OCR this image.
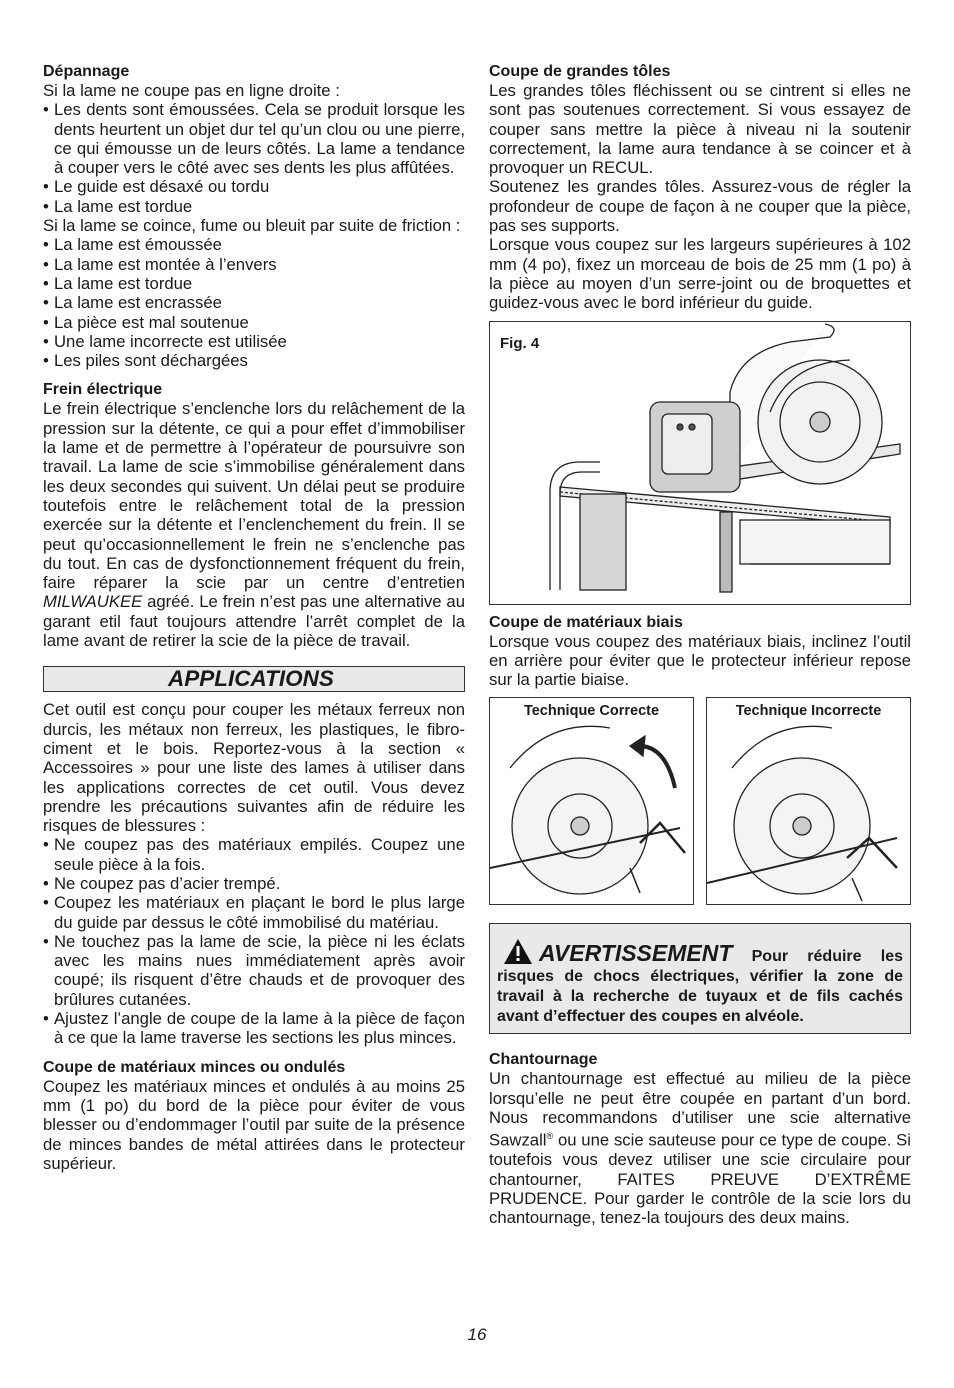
Dépannage
Si la lame ne coupe pas en ligne droite :
• Les dents sont émoussées. Cela se produit lorsque les dents heurtent un objet dur tel qu’un clou ou une pierre, ce qui émousse un de leurs côtés. La lame a tendance à couper vers le côté avec ses dents les plus affûtées.
• Le guide est désaxé ou tordu
• La lame est tordue
Si la lame se coince, fume ou bleuit par suite de friction :
• La lame est émoussée
• La lame est montée à l’envers
• La lame est tordue
• La lame est encrassée
• La pièce est mal soutenue
• Une lame incorrecte est utilisée
• Les piles sont déchargées
Frein électrique
Le frein électrique s’enclenche lors du relâchement de la pression sur la détente, ce qui a pour effet d’immobiliser la lame et de permettre à l’opérateur de poursuivre son travail. La lame de scie s’immobilise généralement dans les deux secondes qui suivent. Un délai peut se produire toutefois entre le relâchement total de la pression exercée sur la détente et l’enclenchement du frein. Il se peut qu’occasionnellement le frein ne s’enclenche pas du tout. En cas de dysfonctionnement fréquent du frein, faire réparer la scie par un centre d’entretien MILWAUKEE agréé. Le frein n’est pas une alternative au garant etil faut toujours attendre l’arrêt complet de la lame avant de retirer la scie de la pièce de travail.
APPLICATIONS
Cet outil est conçu pour couper les métaux ferreux non durcis, les métaux non ferreux, les plastiques, le fibro-ciment et le bois. Reportez-vous à la section « Accessoires » pour une liste des lames à utiliser dans les applications correctes de cet outil. Vous devez prendre les précautions suivantes afin de réduire les risques de blessures :
• Ne coupez pas des matériaux empilés. Coupez une seule pièce à la fois.
• Ne coupez pas d’acier trempé.
• Coupez les matériaux en plaçant le bord le plus large du guide par dessus le côté immobilisé du matériau.
• Ne touchez pas la lame de scie, la pièce ni les éclats avec les mains nues immédiatement après avoir coupé; ils risquent d’être chauds et de provoquer des brûlures cutanées.
• Ajustez l’angle de coupe de la lame à la pièce de façon à ce que la lame traverse les sections les plus minces.
Coupe de matériaux minces ou ondulés
Coupez les matériaux minces et ondulés à au moins 25 mm (1 po) du bord de la pièce pour éviter de vous blesser ou d’endommager l’outil par suite de la présence de minces bandes de métal attirées dans le protecteur supérieur.
Coupe de grandes tôles
Les grandes tôles fléchissent ou se cintrent si elles ne sont pas soutenues correctement. Si vous essayez de couper sans mettre la pièce à niveau ni la soutenir correctement, la lame aura tendance à se coincer et à provoquer un RECUL.
Soutenez les grandes tôles. Assurez-vous de régler la profondeur de coupe de façon à ne couper que la pièce, pas ses supports.
Lorsque vous coupez sur les largeurs supérieures à 102 mm (4 po), fixez un morceau de bois de 25 mm (1 po) à la pièce au moyen d’un serre-joint ou de broquettes et guidez-vous avec le bord inférieur du guide.
Fig. 4
Coupe de matériaux biais
Lorsque vous coupez des matériaux biais, inclinez l’outil en arrière pour éviter que le protecteur inférieur repose sur la partie biaise.
Technique Correcte	Technique Incorrecte
AVERTISSEMENT Pour réduire les risques de chocs électriques, vérifier la zone de travail à la recherche de tuyaux et de fils cachés avant d’effectuer des coupes en alvéole.
Chantournage
Un chantournage est effectué au milieu de la pièce lorsqu’elle ne peut être coupée en partant d’un bord. Nous recommandons d’utiliser une scie alternative Sawzall® ou une scie sauteuse pour ce type de coupe. Si toutefois vous devez utiliser une scie circulaire pour chantourner, FAITES PREUVE D’EXTRÊME PRUDENCE. Pour garder le contrôle de la scie lors du chantournage, tenez-la toujours des deux mains.
16
